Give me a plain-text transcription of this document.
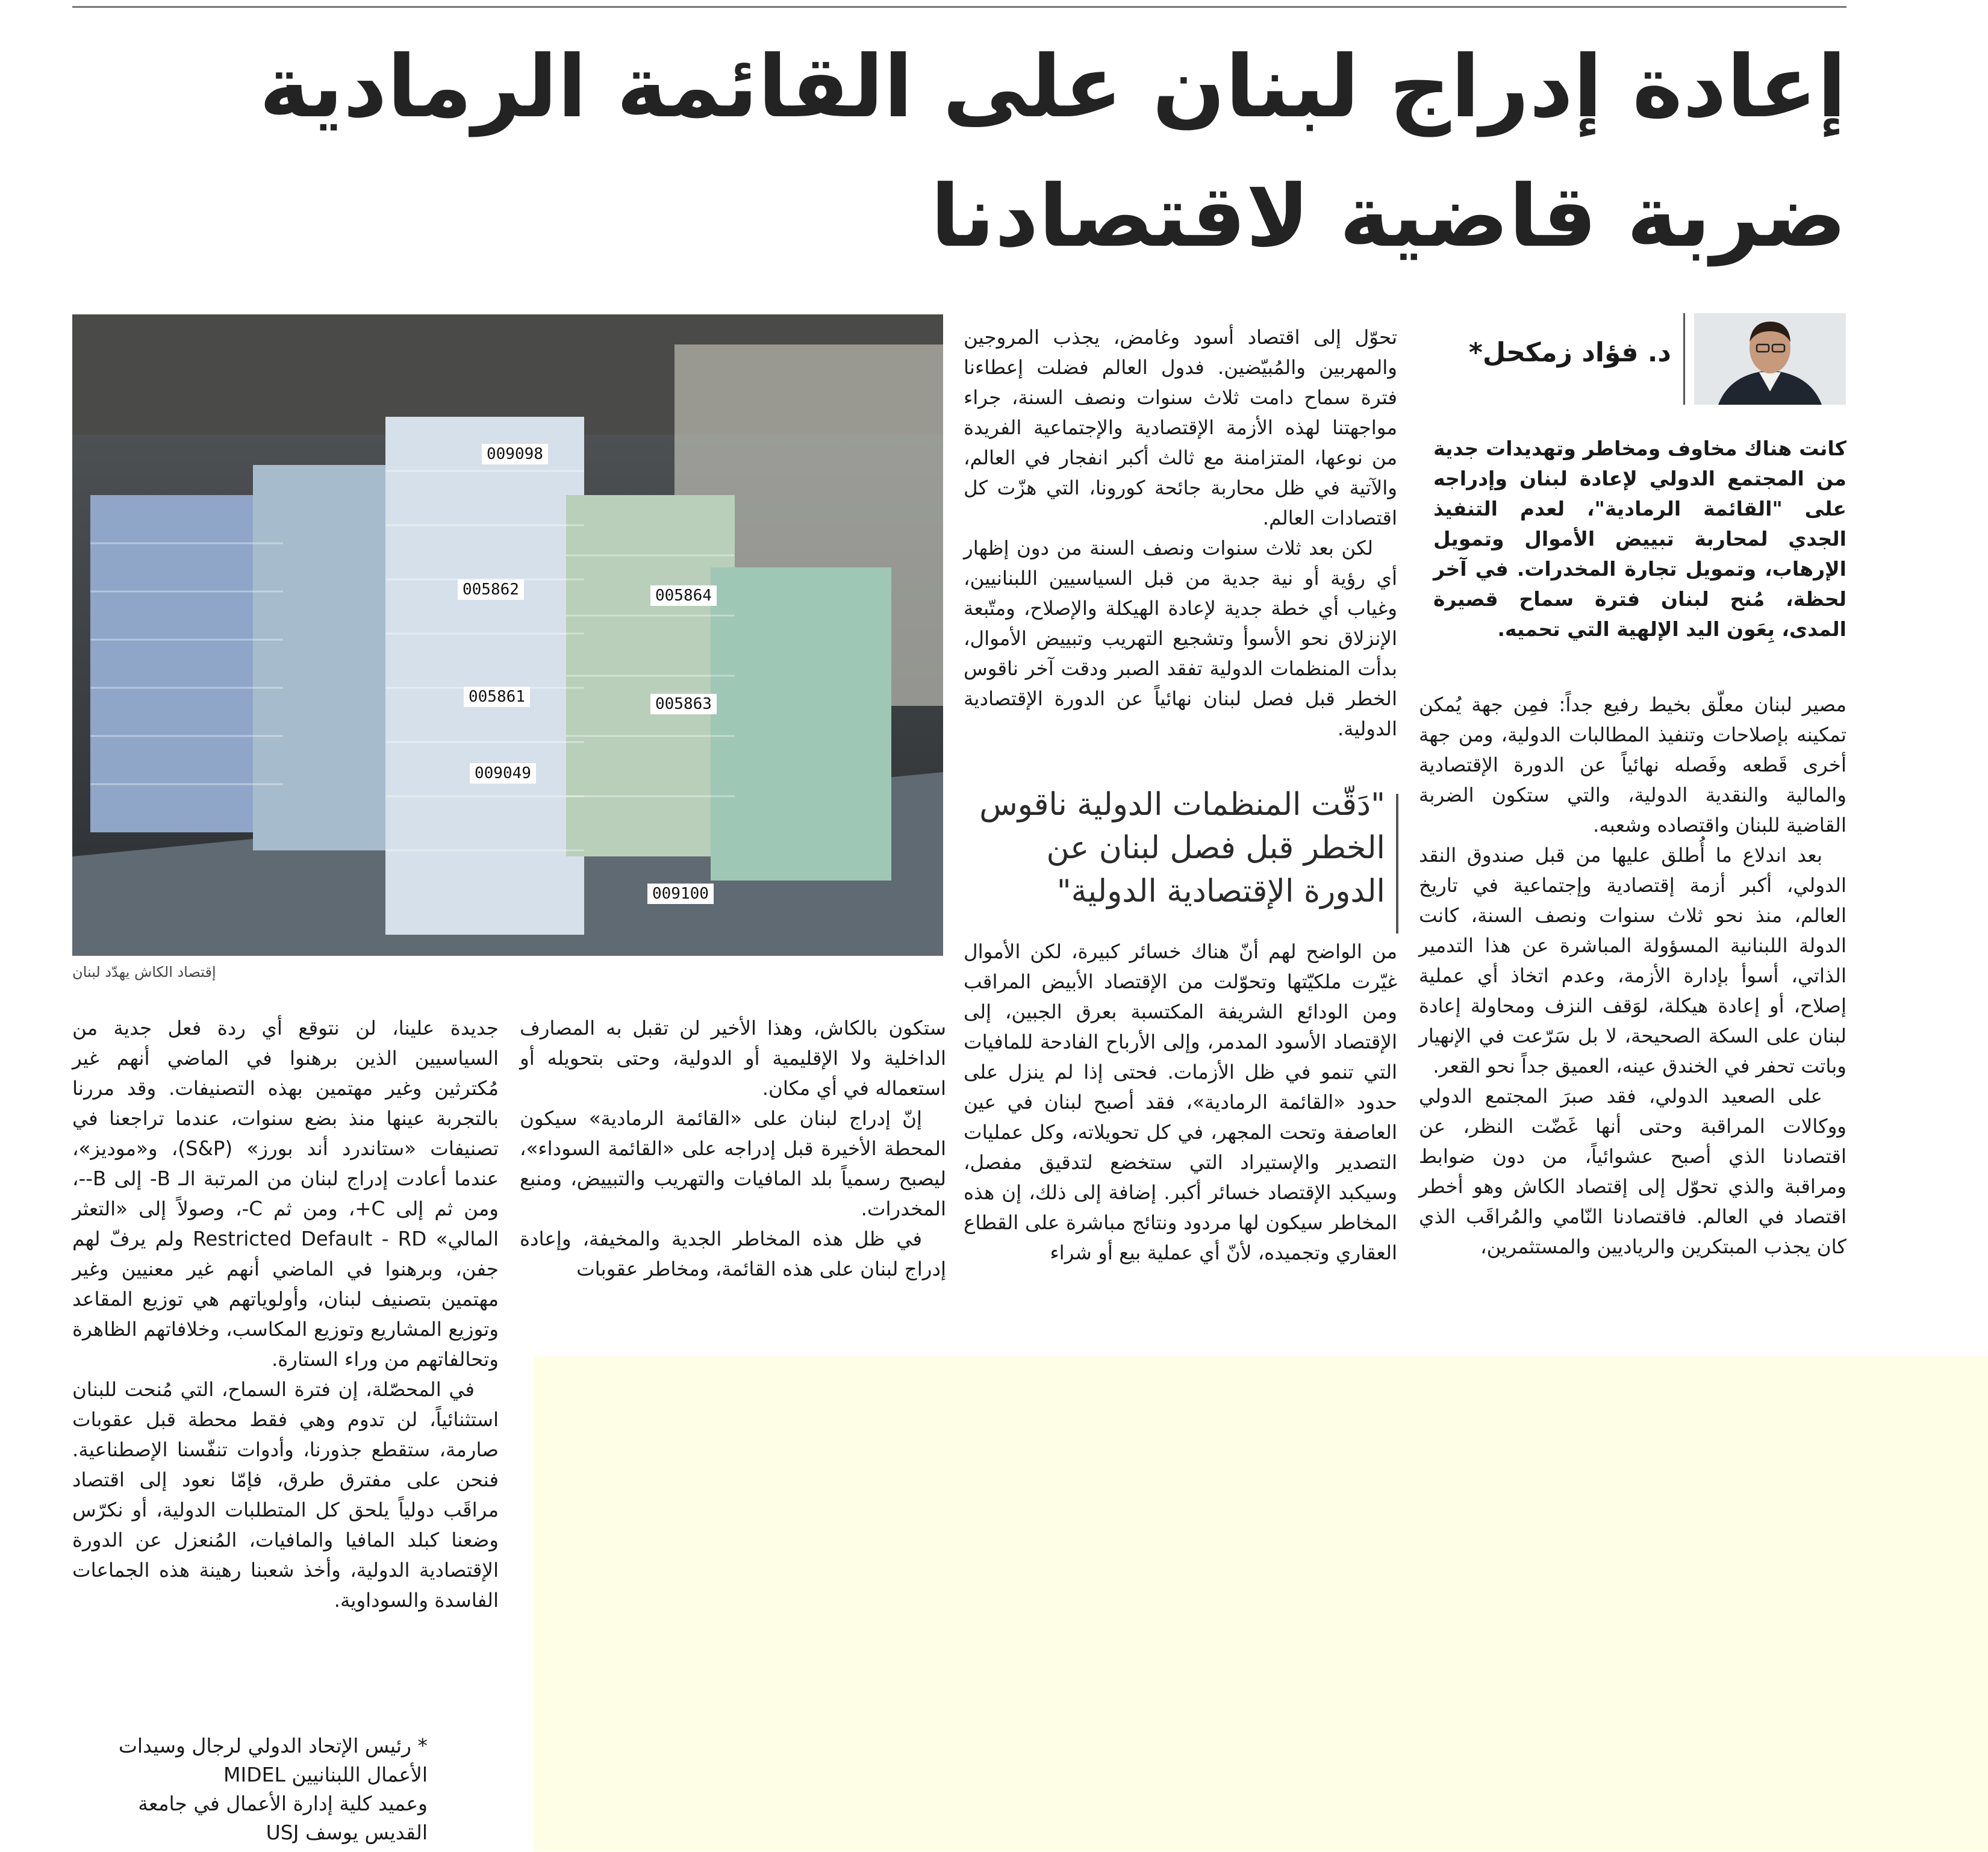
إعادة إدراج لبنان على القائمة الرمادية
ضربة قاضية لاقتصادنا
د. فؤاد زمكحل*
كانت هناك مخاوف ومخاطر وتهديدات جدية من المجتمع الدولي لإعادة لبنان وإدراجه على "القائمة الرمادية"، لعدم التنفيذ الجدي لمحاربة تبييض الأموال وتمويل الإرهاب، وتمويل تجارة المخدرات. في آخر لحظة، مُنح لبنان فترة سماح قصيرة المدى، بِعَون اليد الإلهية التي تحميه.

مصير لبنان معلّق بخيط رفيع جداً: فمِن جهة يُمكن تمكينه بإصلاحات وتنفيذ المطالبات الدولية، ومن جهة أخرى قَطعه وفَصله نهائياً عن الدورة الإقتصادية والمالية والنقدية الدولية، والتي ستكون الضربة القاضية للبنان واقتصاده وشعبه.

بعد اندلاع ما أُطلق عليها من قبل صندوق النقد الدولي، أكبر أزمة إقتصادية وإجتماعية في تاريخ العالم، منذ نحو ثلاث سنوات ونصف السنة، كانت الدولة اللبنانية المسؤولة المباشرة عن هذا التدمير الذاتي، أسوأ بإدارة الأزمة، وعدم اتخاذ أي عملية إصلاح، أو إعادة هيكلة، لوَقف النزف ومحاولة إعادة لبنان على السكة الصحيحة، لا بل سَرّعت في الإنهيار وباتت تحفر في الخندق عينه، العميق جداً نحو القعر.

على الصعيد الدولي، فقد صبرَ المجتمع الدولي ووكالات المراقبة وحتى أنها غَضّت النظر، عن اقتصادنا الذي أصبح عشوائياً، من دون ضوابط ومراقبة والذي تحوّل إلى إقتصاد الكاش وهو أخطر اقتصاد في العالم. فاقتصادنا النّامي والمُراقَب الذي كان يجذب المبتكرين والرياديين والمستثمرين،

تحوّل إلى اقتصاد أسود وغامض، يجذب المروجين والمهربين والمُبيّضين. فدول العالم فضلت إعطاءنا فترة سماح دامت ثلاث سنوات ونصف السنة، جراء مواجهتنا لهذه الأزمة الإقتصادية والإجتماعية الفريدة من نوعها، المتزامنة مع ثالث أكبر انفجار في العالم، والآتية في ظل محاربة جائحة كورونا، التي هزّت كل اقتصادات العالم.

لكن بعد ثلاث سنوات ونصف السنة من دون إظهار أي رؤية أو نية جدية من قبل السياسيين اللبنانيين، وغياب أي خطة جدية لإعادة الهيكلة والإصلاح، ومتّبعة الإنزلاق نحو الأسوأ وتشجيع التهريب وتبييض الأموال، بدأت المنظمات الدولية تفقد الصبر ودقت آخر ناقوس الخطر قبل فصل لبنان نهائياً عن الدورة الإقتصادية الدولية.

"دَقّت المنظمات الدولية ناقوس الخطر قبل فصل لبنان عن الدورة الإقتصادية الدولية"

من الواضح لهم أنّ هناك خسائر كبيرة، لكن الأموال غيّرت ملكيّتها وتحوّلت من الإقتصاد الأبيض المراقب ومن الودائع الشريفة المكتسبة بعرق الجبين، إلى الإقتصاد الأسود المدمر، وإلى الأرباح الفادحة للمافيات التي تنمو في ظل الأزمات. فحتى إذا لم ينزل على حدود «القائمة الرمادية»، فقد أصبح لبنان في عين العاصفة وتحت المجهر، في كل تحويلاته، وكل عمليات التصدير والإستيراد التي ستخضع لتدقيق مفصل، وسيكبد الإقتصاد خسائر أكبر. إضافة إلى ذلك، إن هذه المخاطر سيكون لها مردود ونتائج مباشرة على القطاع العقاري وتجميده، لأنّ أي عملية بيع أو شراء

009098
005862	005864
005861	005863
009049
009100
إقتصاد الكاش يهدّد لبنان

ستكون بالكاش، وهذا الأخير لن تقبل به المصارف الداخلية ولا الإقليمية أو الدولية، وحتى بتحويله أو استعماله في أي مكان.

إنّ إدراج لبنان على «القائمة الرمادية» سيكون المحطة الأخيرة قبل إدراجه على «القائمة السوداء»، ليصبح رسمياً بلد المافيات والتهريب والتبييض، ومنبع المخدرات.

في ظل هذه المخاطر الجدية والمخيفة، وإعادة إدراج لبنان على هذه القائمة، ومخاطر عقوبات

جديدة علينا، لن نتوقع أي ردة فعل جدية من السياسيين الذين برهنوا في الماضي أنهم غير مُكترثين وغير مهتمين بهذه التصنيفات. وقد مررنا بالتجربة عينها منذ بضع سنوات، عندما تراجعنا في تصنيفات «ستاندرد أند بورز» (S&P)، و«موديز»، عندما أعادت إدراج لبنان من المرتبة الـ B- إلى B--، ومن ثم إلى C+، ومن ثم C-، وصولاً إلى «التعثر المالي» Restricted Default - RD ولم يرفّ لهم جفن، وبرهنوا في الماضي أنهم غير معنيين وغير مهتمين بتصنيف لبنان، وأولوياتهم هي توزيع المقاعد وتوزيع المشاريع وتوزيع المكاسب، وخلافاتهم الظاهرة وتحالفاتهم من وراء الستارة.

في المحصّلة، إن فترة السماح، التي مُنحت للبنان استثنائياً، لن تدوم وهي فقط محطة قبل عقوبات صارمة، ستقطع جذورنا، وأدوات تنفّسنا الإصطناعية. فنحن على مفترق طرق، فإمّا نعود إلى اقتصاد مراقَب دولياً يلحق كل المتطلبات الدولية، أو نكرّس وضعنا كبلد المافيا والمافيات، المُنعزل عن الدورة الإقتصادية الدولية، وأخذ شعبنا رهينة هذه الجماعات الفاسدة والسوداوية.

* رئيس الإتحاد الدولي لرجال وسيدات
الأعمال اللبنانيين MIDEL
وعميد كلية إدارة الأعمال في جامعة
القديس يوسف USJ
